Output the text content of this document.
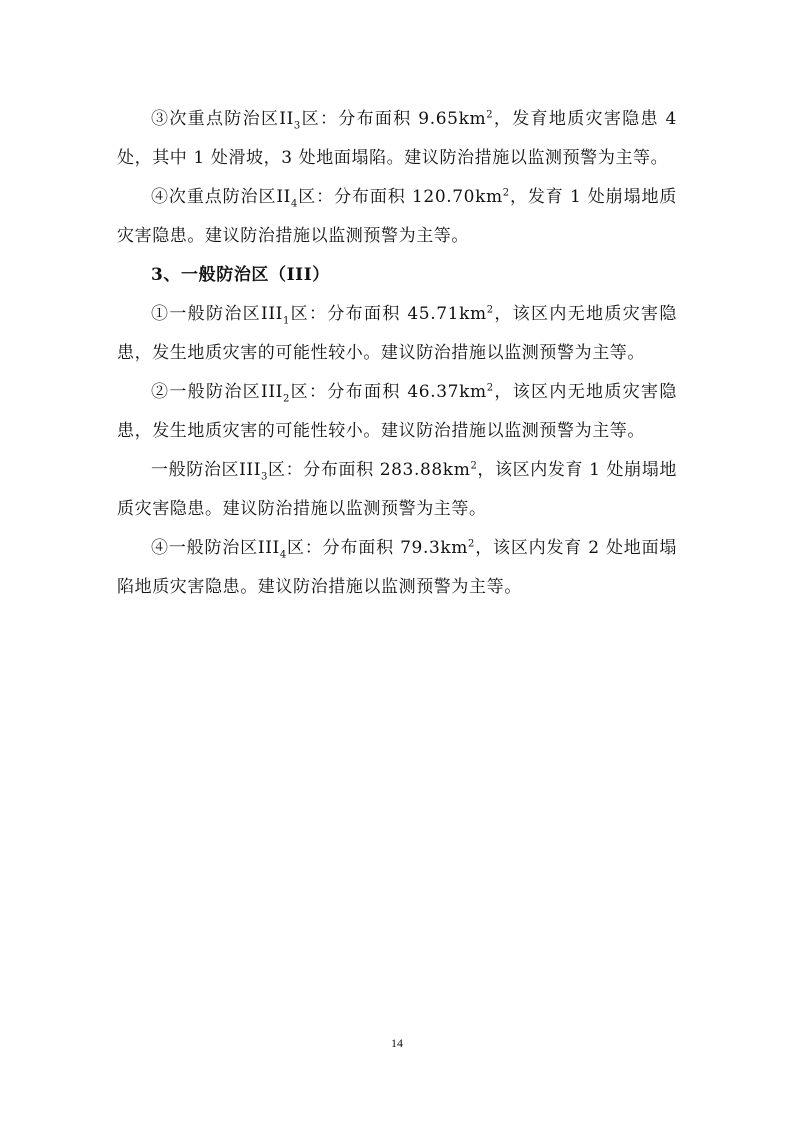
③次重点防治区$II_3$区：分布面积 $9.65km^2$，发育地质灾害隐患 4 处，其中 1 处滑坡，3 处地面塌陷。建议防治措施以监测预警为主等。

④次重点防治区$II_4$区：分布面积 $120.70km^2$，发育 1 处崩塌地质灾害隐患。建议防治措施以监测预警为主等。

3、一般防治区（III）

①一般防治区$III_1$区：分布面积 $45.71km^2$，该区内无地质灾害隐患，发生地质灾害的可能性较小。建议防治措施以监测预警为主等。

②一般防治区$III_2$区：分布面积 $46.37km^2$，该区内无地质灾害隐患，发生地质灾害的可能性较小。建议防治措施以监测预警为主等。

一般防治区$III_3$区：分布面积 $283.88km^2$，该区内发育 1 处崩塌地质灾害隐患。建议防治措施以监测预警为主等。

④一般防治区$III_4$区：分布面积 $79.3km^2$，该区内发育 2 处地面塌陷地质灾害隐患。建议防治措施以监测预警为主等。

14
